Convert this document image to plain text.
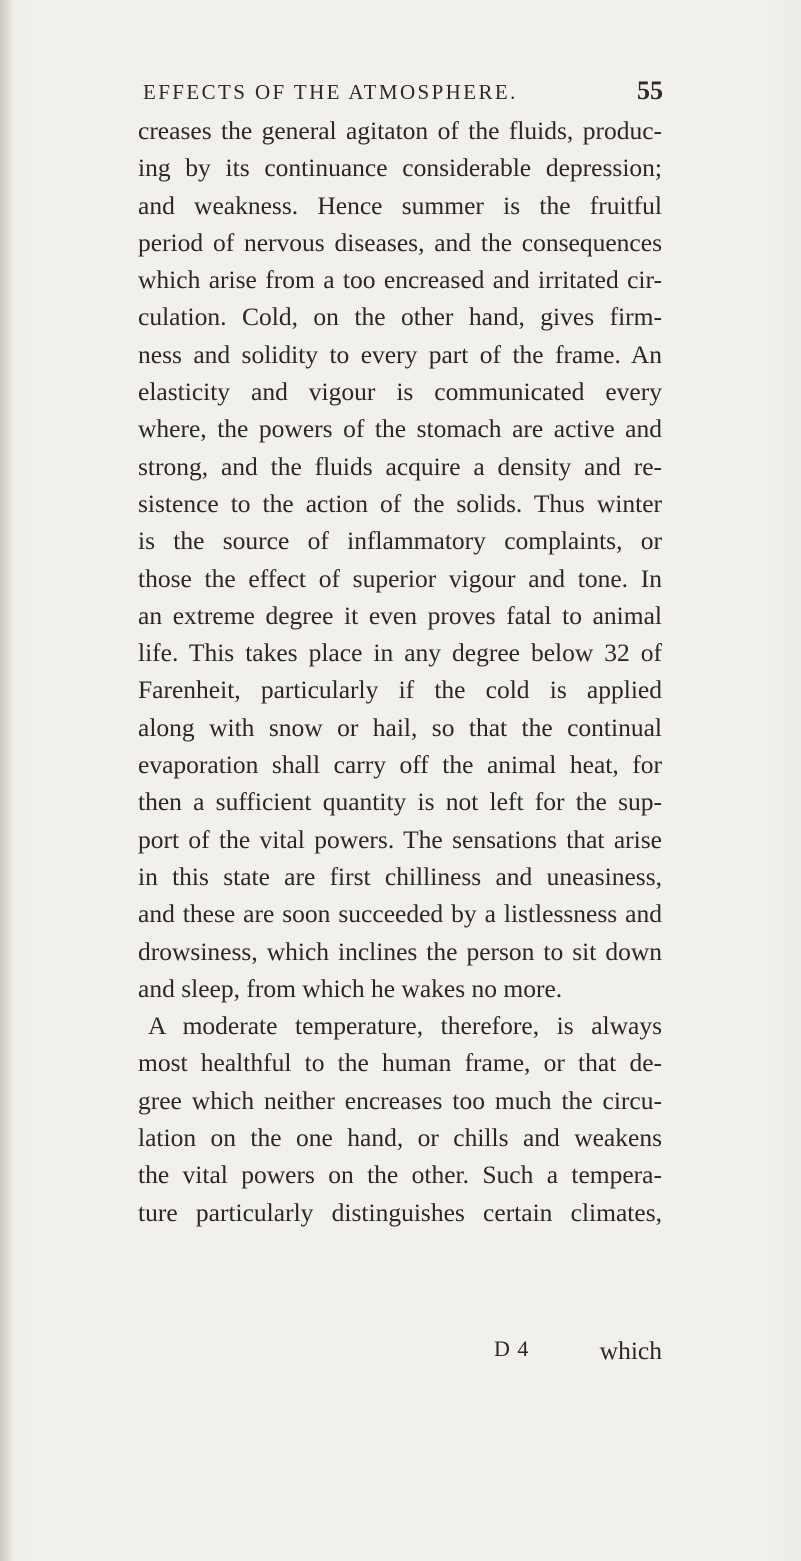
EFFECTS OF THE ATMOSPHERE.	55
creases the general agitaton of the fluids, produc-
ing by its continuance considerable depression;
and weakness. Hence summer is the fruitful
period of nervous diseases, and the consequences
which arise from a too encreased and irritated cir-
culation. Cold, on the other hand, gives firm-
ness and solidity to every part of the frame. An
elasticity and vigour is communicated every
where, the powers of the stomach are active and
strong, and the fluids acquire a density and re-
sistence to the action of the solids. Thus winter
is the source of inflammatory complaints, or
those the effect of superior vigour and tone. In
an extreme degree it even proves fatal to animal
life. This takes place in any degree below 32 of
Farenheit, particularly if the cold is applied
along with snow or hail, so that the continual
evaporation shall carry off the animal heat, for
then a sufficient quantity is not left for the sup-
port of the vital powers. The sensations that arise
in this state are first chilliness and uneasiness,
and these are soon succeeded by a listlessness and
drowsiness, which inclines the person to sit down
and sleep, from which he wakes no more.
A moderate temperature, therefore, is always
most healthful to the human frame, or that de-
gree which neither encreases too much the circu-
lation on the one hand, or chills and weakens
the vital powers on the other. Such a tempera-
ture particularly distinguishes certain climates,
D 4	which
